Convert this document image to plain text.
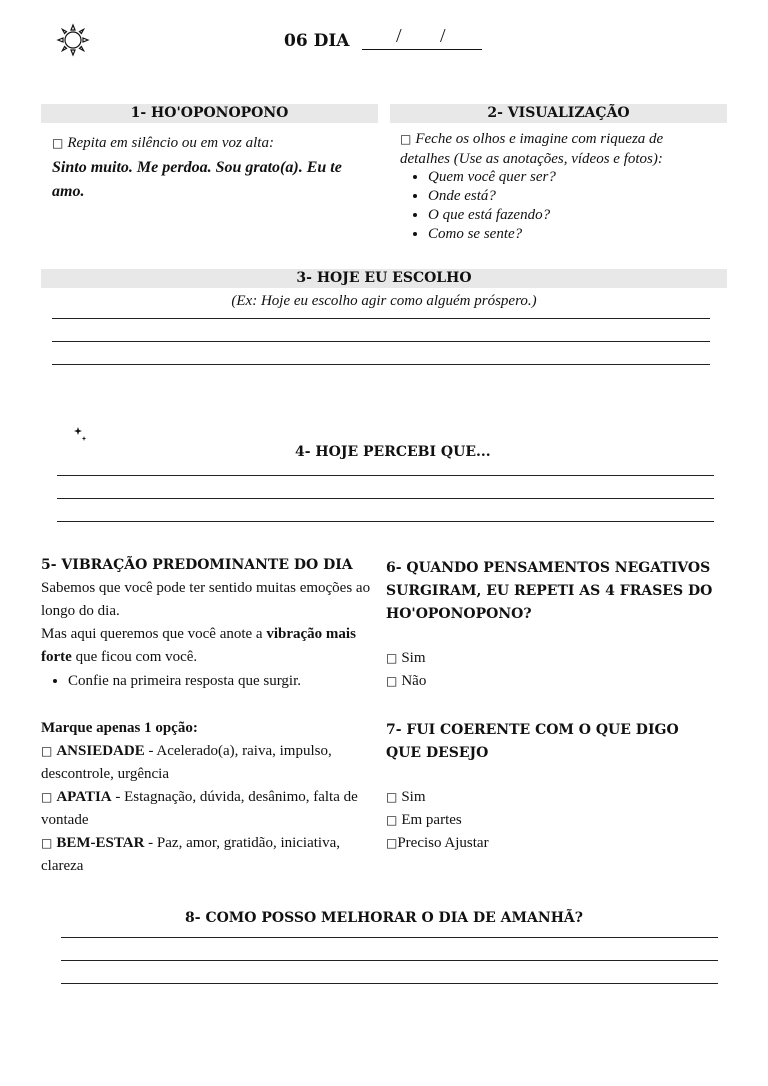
06 DIA / /
1- HO'OPONOPONO
□ Repita em silêncio ou em voz alta:
Sinto muito. Me perdoa. Sou grato(a). Eu te amo.
2- VISUALIZAÇÃO
□ Feche os olhos e imagine com riqueza de detalhes (Use as anotações, vídeos e fotos):
• Quem você quer ser?
• Onde está?
• O que está fazendo?
• Como se sente?
3- HOJE EU ESCOLHO
(Ex: Hoje eu escolho agir como alguém próspero.)
4- HOJE PERCEBI QUE...
5- VIBRAÇÃO PREDOMINANTE DO DIA
Sabemos que você pode ter sentido muitas emoções ao longo do dia.
Mas aqui queremos que você anote a vibração mais forte que ficou com você.
• Confie na primeira resposta que surgir.
Marque apenas 1 opção:
□ ANSIEDADE - Acelerado(a), raiva, impulso, descontrole, urgência
□ APATIA - Estagnação, dúvida, desânimo, falta de vontade
□ BEM-ESTAR - Paz, amor, gratidão, iniciativa, clareza
6- QUANDO PENSAMENTOS NEGATIVOS SURGIRAM, EU REPETI AS 4 FRASES DO HO'OPONOPONO?
□ Sim
□ Não
7- FUI COERENTE COM O QUE DIGO QUE DESEJO
□ Sim
□ Em partes
□Preciso Ajustar
8- COMO POSSO MELHORAR O DIA DE AMANHÃ?
